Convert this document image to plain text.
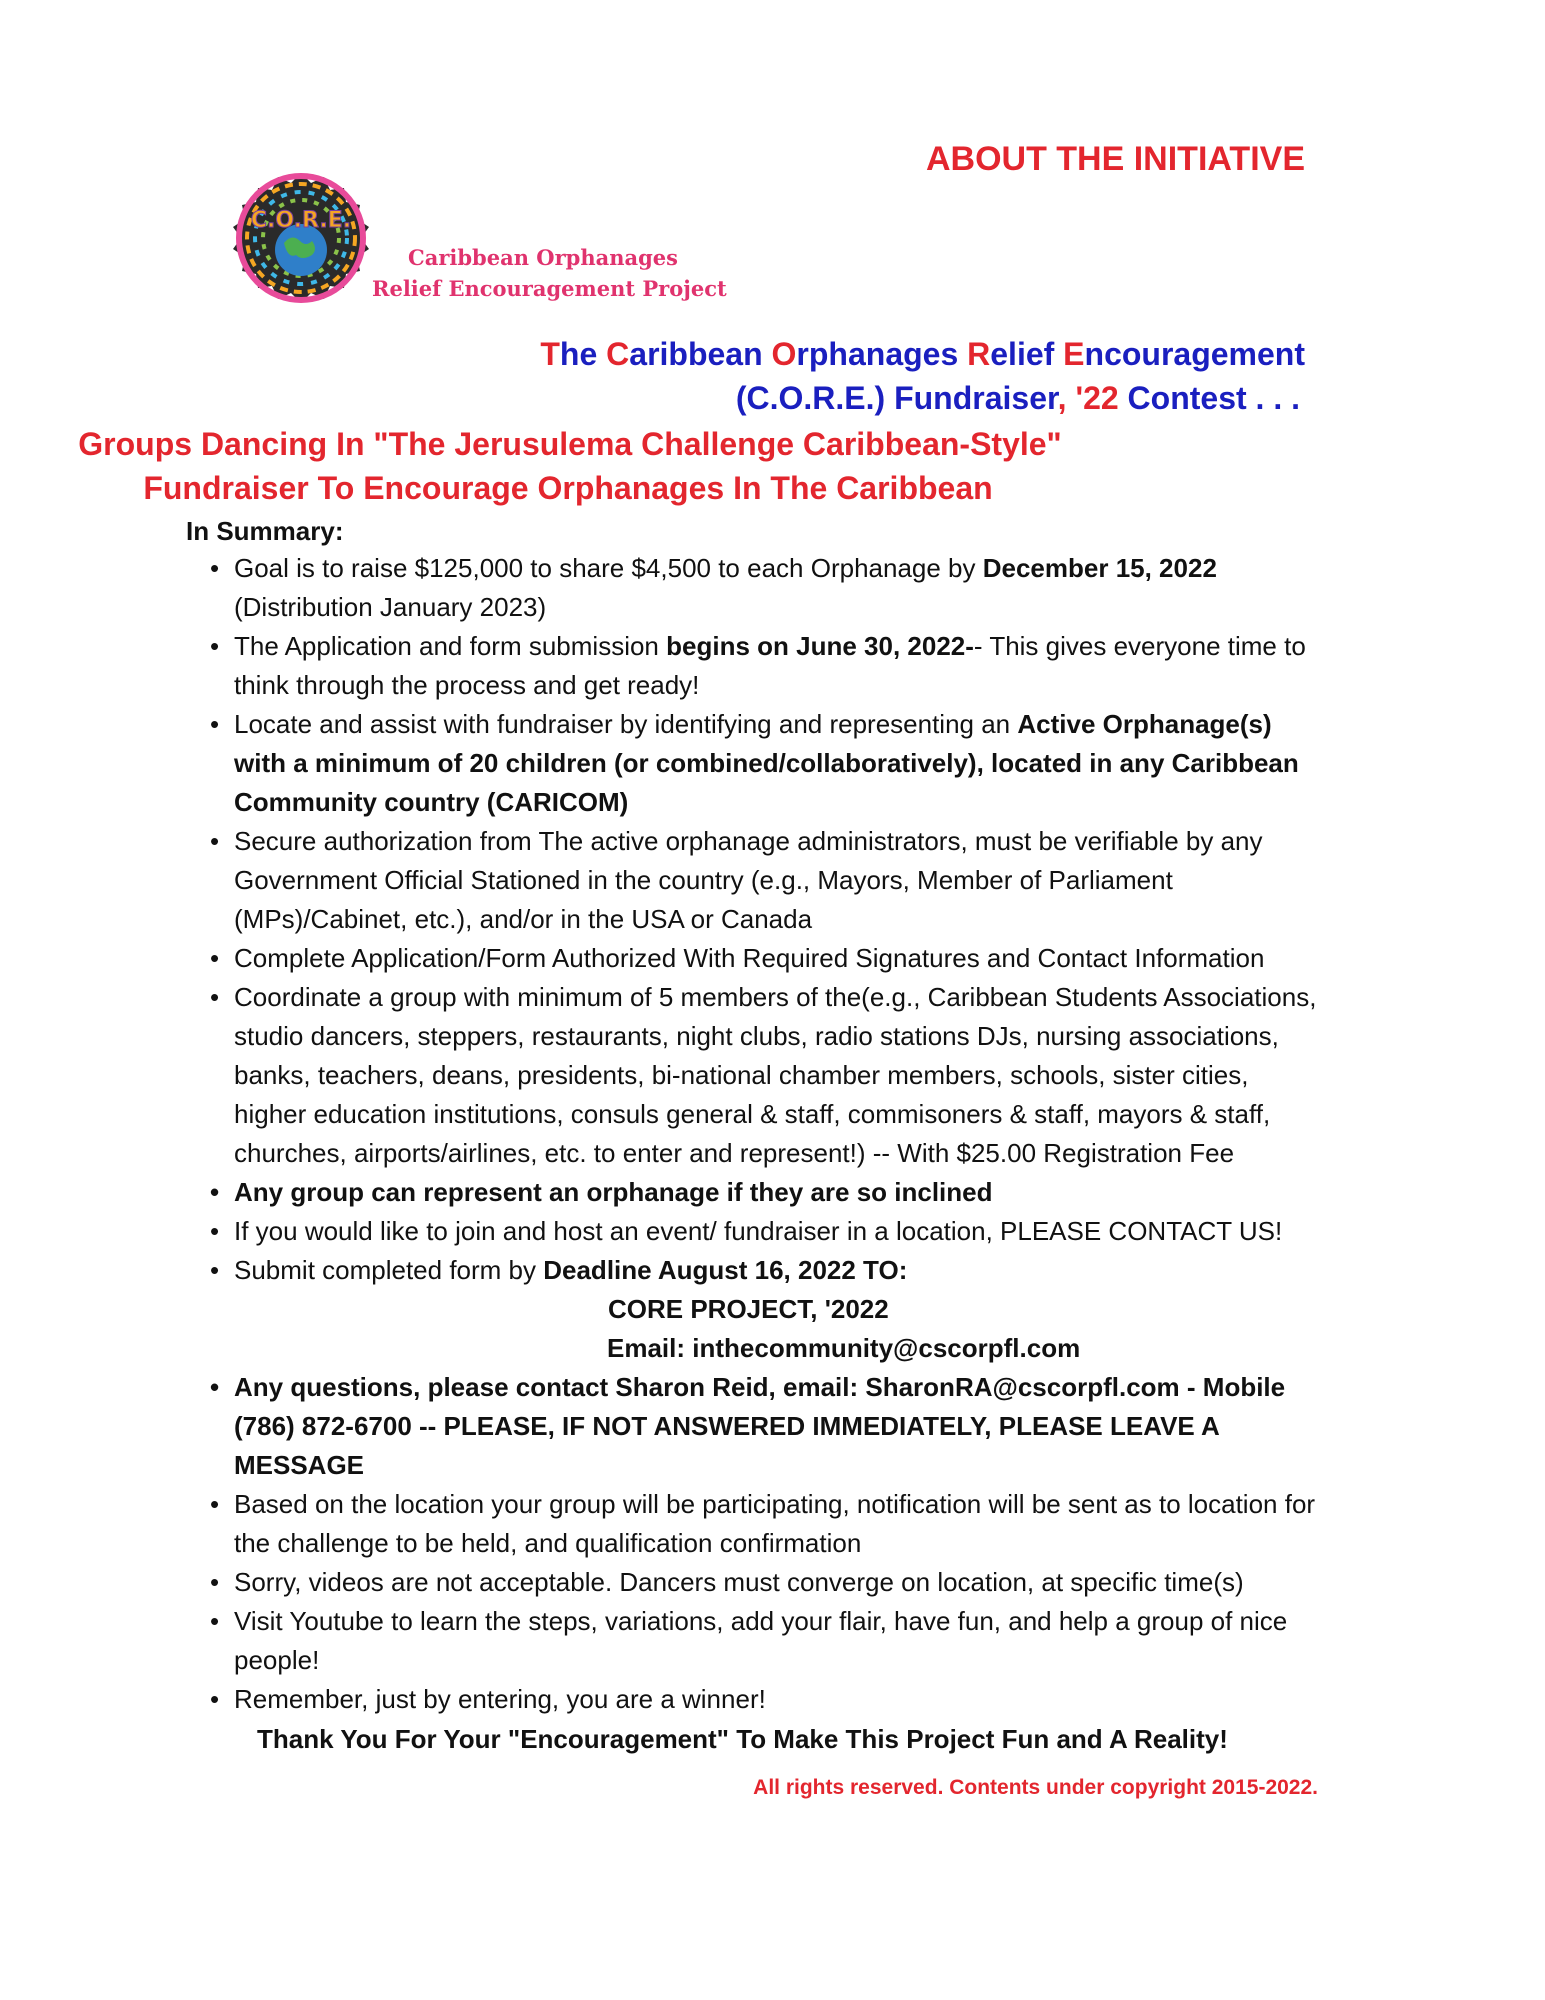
ABOUT THE INITIATIVE
C.O.R.E.
Caribbean Orphanages
Relief Encouragement Project
The Caribbean Orphanages Relief Encouragement
(C.O.R.E.) Fundraiser, '22 Contest . . .
Groups Dancing In "The Jerusulema Challenge Caribbean-Style"
Fundraiser To Encourage Orphanages In The Caribbean
In Summary:
• Goal is to raise $125,000 to share $4,500 to each Orphanage by December 15, 2022
(Distribution January 2023)
• The Application and form submission begins on June 30, 2022-- This gives everyone time to think through the process and get ready!
• Locate and assist with fundraiser by identifying and representing an Active Orphanage(s) with a minimum of 20 children (or combined/collaboratively), located in any Caribbean Community country (CARICOM)
• Secure authorization from The active orphanage administrators, must be verifiable by any Government Official Stationed in the country (e.g., Mayors, Member of Parliament (MPs)/Cabinet, etc.), and/or in the USA or Canada
• Complete Application/Form Authorized With Required Signatures and Contact Information
• Coordinate a group with minimum of 5 members of the(e.g., Caribbean Students Associations, studio dancers, steppers, restaurants, night clubs, radio stations DJs, nursing associations, banks, teachers, deans, presidents, bi-national chamber members, schools, sister cities, higher education institutions, consuls general & staff, commisoners & staff, mayors & staff, churches, airports/airlines, etc. to enter and represent!) -- With $25.00 Registration Fee
• Any group can represent an orphanage if they are so inclined
• If you would like to join and host an event/ fundraiser in a location, PLEASE CONTACT US!
• Submit completed form by Deadline August 16, 2022 TO:
CORE PROJECT, '2022
Email: inthecommunity@cscorpfl.com
• Any questions, please contact Sharon Reid, email: SharonRA@cscorpfl.com - Mobile (786) 872-6700 -- PLEASE, IF NOT ANSWERED IMMEDIATELY, PLEASE LEAVE A MESSAGE
• Based on the location your group will be participating, notification will be sent as to location for the challenge to be held, and qualification confirmation
• Sorry, videos are not acceptable. Dancers must converge on location, at specific time(s)
• Visit Youtube to learn the steps, variations, add your flair, have fun, and help a group of nice people!
• Remember, just by entering, you are a winner!
Thank You For Your "Encouragement" To Make This Project Fun and A Reality!
All rights reserved. Contents under copyright 2015-2022.
